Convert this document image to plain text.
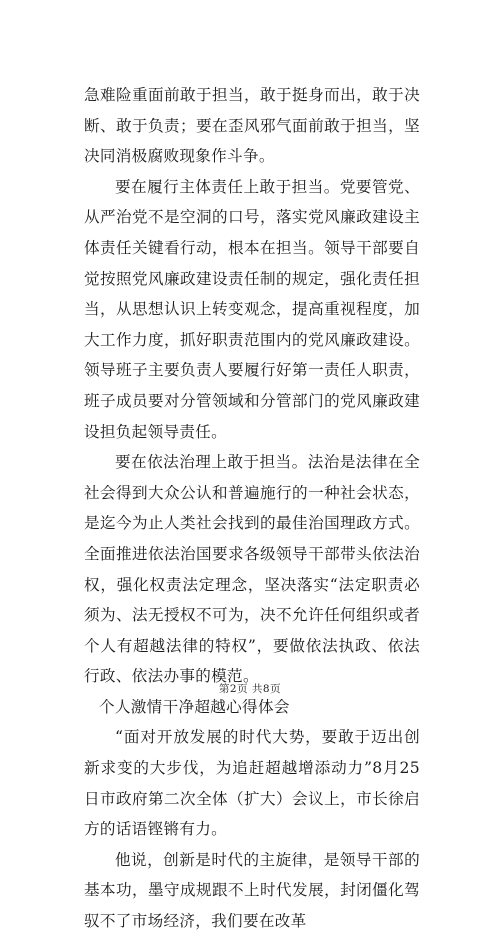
急难险重面前敢于担当，敢于挺身而出，敢于决断、敢于负责；要在歪风邪气面前敢于担当，坚决同消极腐败现象作斗争。

要在履行主体责任上敢于担当。党要管党、从严治党不是空洞的口号，落实党风廉政建设主体责任关键看行动，根本在担当。领导干部要自觉按照党风廉政建设责任制的规定，强化责任担当，从思想认识上转变观念，提高重视程度，加大工作力度，抓好职责范围内的党风廉政建设。领导班子主要负责人要履行好第一责任人职责，班子成员要对分管领域和分管部门的党风廉政建设担负起领导责任。

要在依法治理上敢于担当。法治是法律在全社会得到大众公认和普遍施行的一种社会状态，是迄今为止人类社会找到的最佳治国理政方式。全面推进依法治国要求各级领导干部带头依法治权，强化权责法定理念，坚决落实“法定职责必须为、法无授权不可为，决不允许任何组织或者个人有超越法律的特权”，要做依法执政、依法行政、依法办事的模范。

个人激情干净超越心得体会

“面对开放发展的时代大势，要敢于迈出创新求变的大步伐，为追赶超越增添动力”8月25日市政府第二次全体（扩大）会议上，市长徐启方的话语铿锵有力。

他说，创新是时代的主旋律，是领导干部的基本功，墨守成规跟不上时代发展，封闭僵化驾驭不了市场经济，我们要在改革

第2页 共8页
